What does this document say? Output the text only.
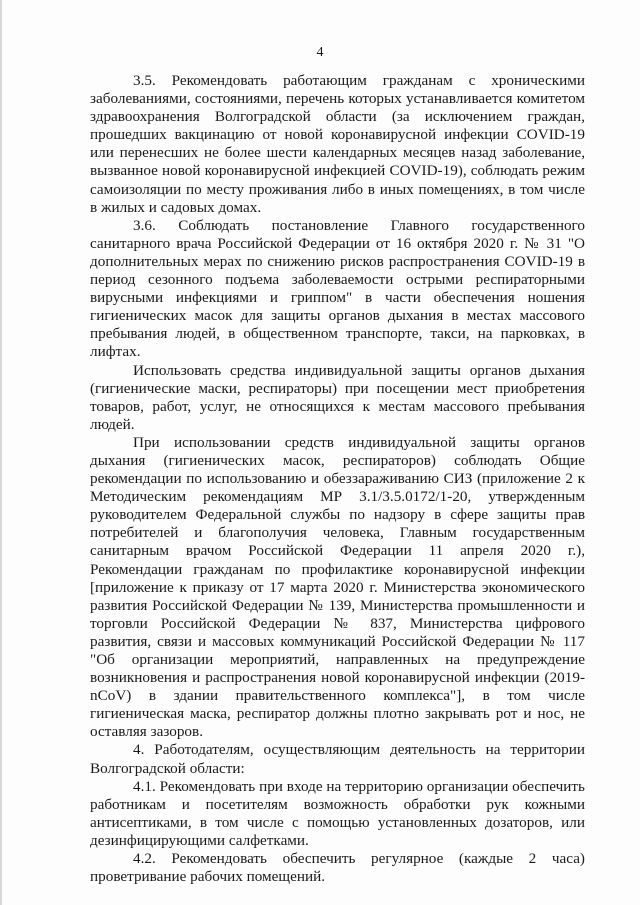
4

3.5. Рекомендовать работающим гражданам с хроническими заболеваниями, состояниями, перечень которых устанавливается комитетом здравоохранения Волгоградской области (за исключением граждан, прошедших вакцинацию от новой коронавирусной инфекции COVID-19 или перенесших не более шести календарных месяцев назад заболевание, вызванное новой коронавирусной инфекцией COVID-19), соблюдать режим самоизоляции по месту проживания либо в иных помещениях, в том числе в жилых и садовых домах.

3.6. Соблюдать постановление Главного государственного санитарного врача Российской Федерации от 16 октября 2020 г. № 31 "О дополнительных мерах по снижению рисков распространения COVID-19 в период сезонного подъема заболеваемости острыми респираторными вирусными инфекциями и гриппом" в части обеспечения ношения гигиенических масок для защиты органов дыхания в местах массового пребывания людей, в общественном транспорте, такси, на парковках, в лифтах.

Использовать средства индивидуальной защиты органов дыхания (гигиенические маски, респираторы) при посещении мест приобретения товаров, работ, услуг, не относящихся к местам массового пребывания людей.

При использовании средств индивидуальной защиты органов дыхания (гигиенических масок, респираторов) соблюдать Общие рекомендации по использованию и обеззараживанию СИЗ (приложение 2 к Методическим рекомендациям МР 3.1/3.5.0172/1-20, утвержденным руководителем Федеральной службы по надзору в сфере защиты прав потребителей и благополучия человека, Главным государственным санитарным врачом Российской Федерации 11 апреля 2020 г.), Рекомендации гражданам по профилактике коронавирусной инфекции [приложение к приказу от 17 марта 2020 г. Министерства экономического развития Российской Федерации № 139, Министерства промышленности и торговли Российской Федерации № 837, Министерства цифрового развития, связи и массовых коммуникаций Российской Федерации № 117 "Об организации мероприятий, направленных на предупреждение возникновения и распространения новой коронавирусной инфекции (2019-nCoV) в здании правительственного комплекса"], в том числе гигиеническая маска, респиратор должны плотно закрывать рот и нос, не оставляя зазоров.

4. Работодателям, осуществляющим деятельность на территории Волгоградской области:

4.1. Рекомендовать при входе на территорию организации обеспечить работникам и посетителям возможность обработки рук кожными антисептиками, в том числе с помощью установленных дозаторов, или дезинфицирующими салфетками.

4.2. Рекомендовать обеспечить регулярное (каждые 2 часа) проветривание рабочих помещений.
